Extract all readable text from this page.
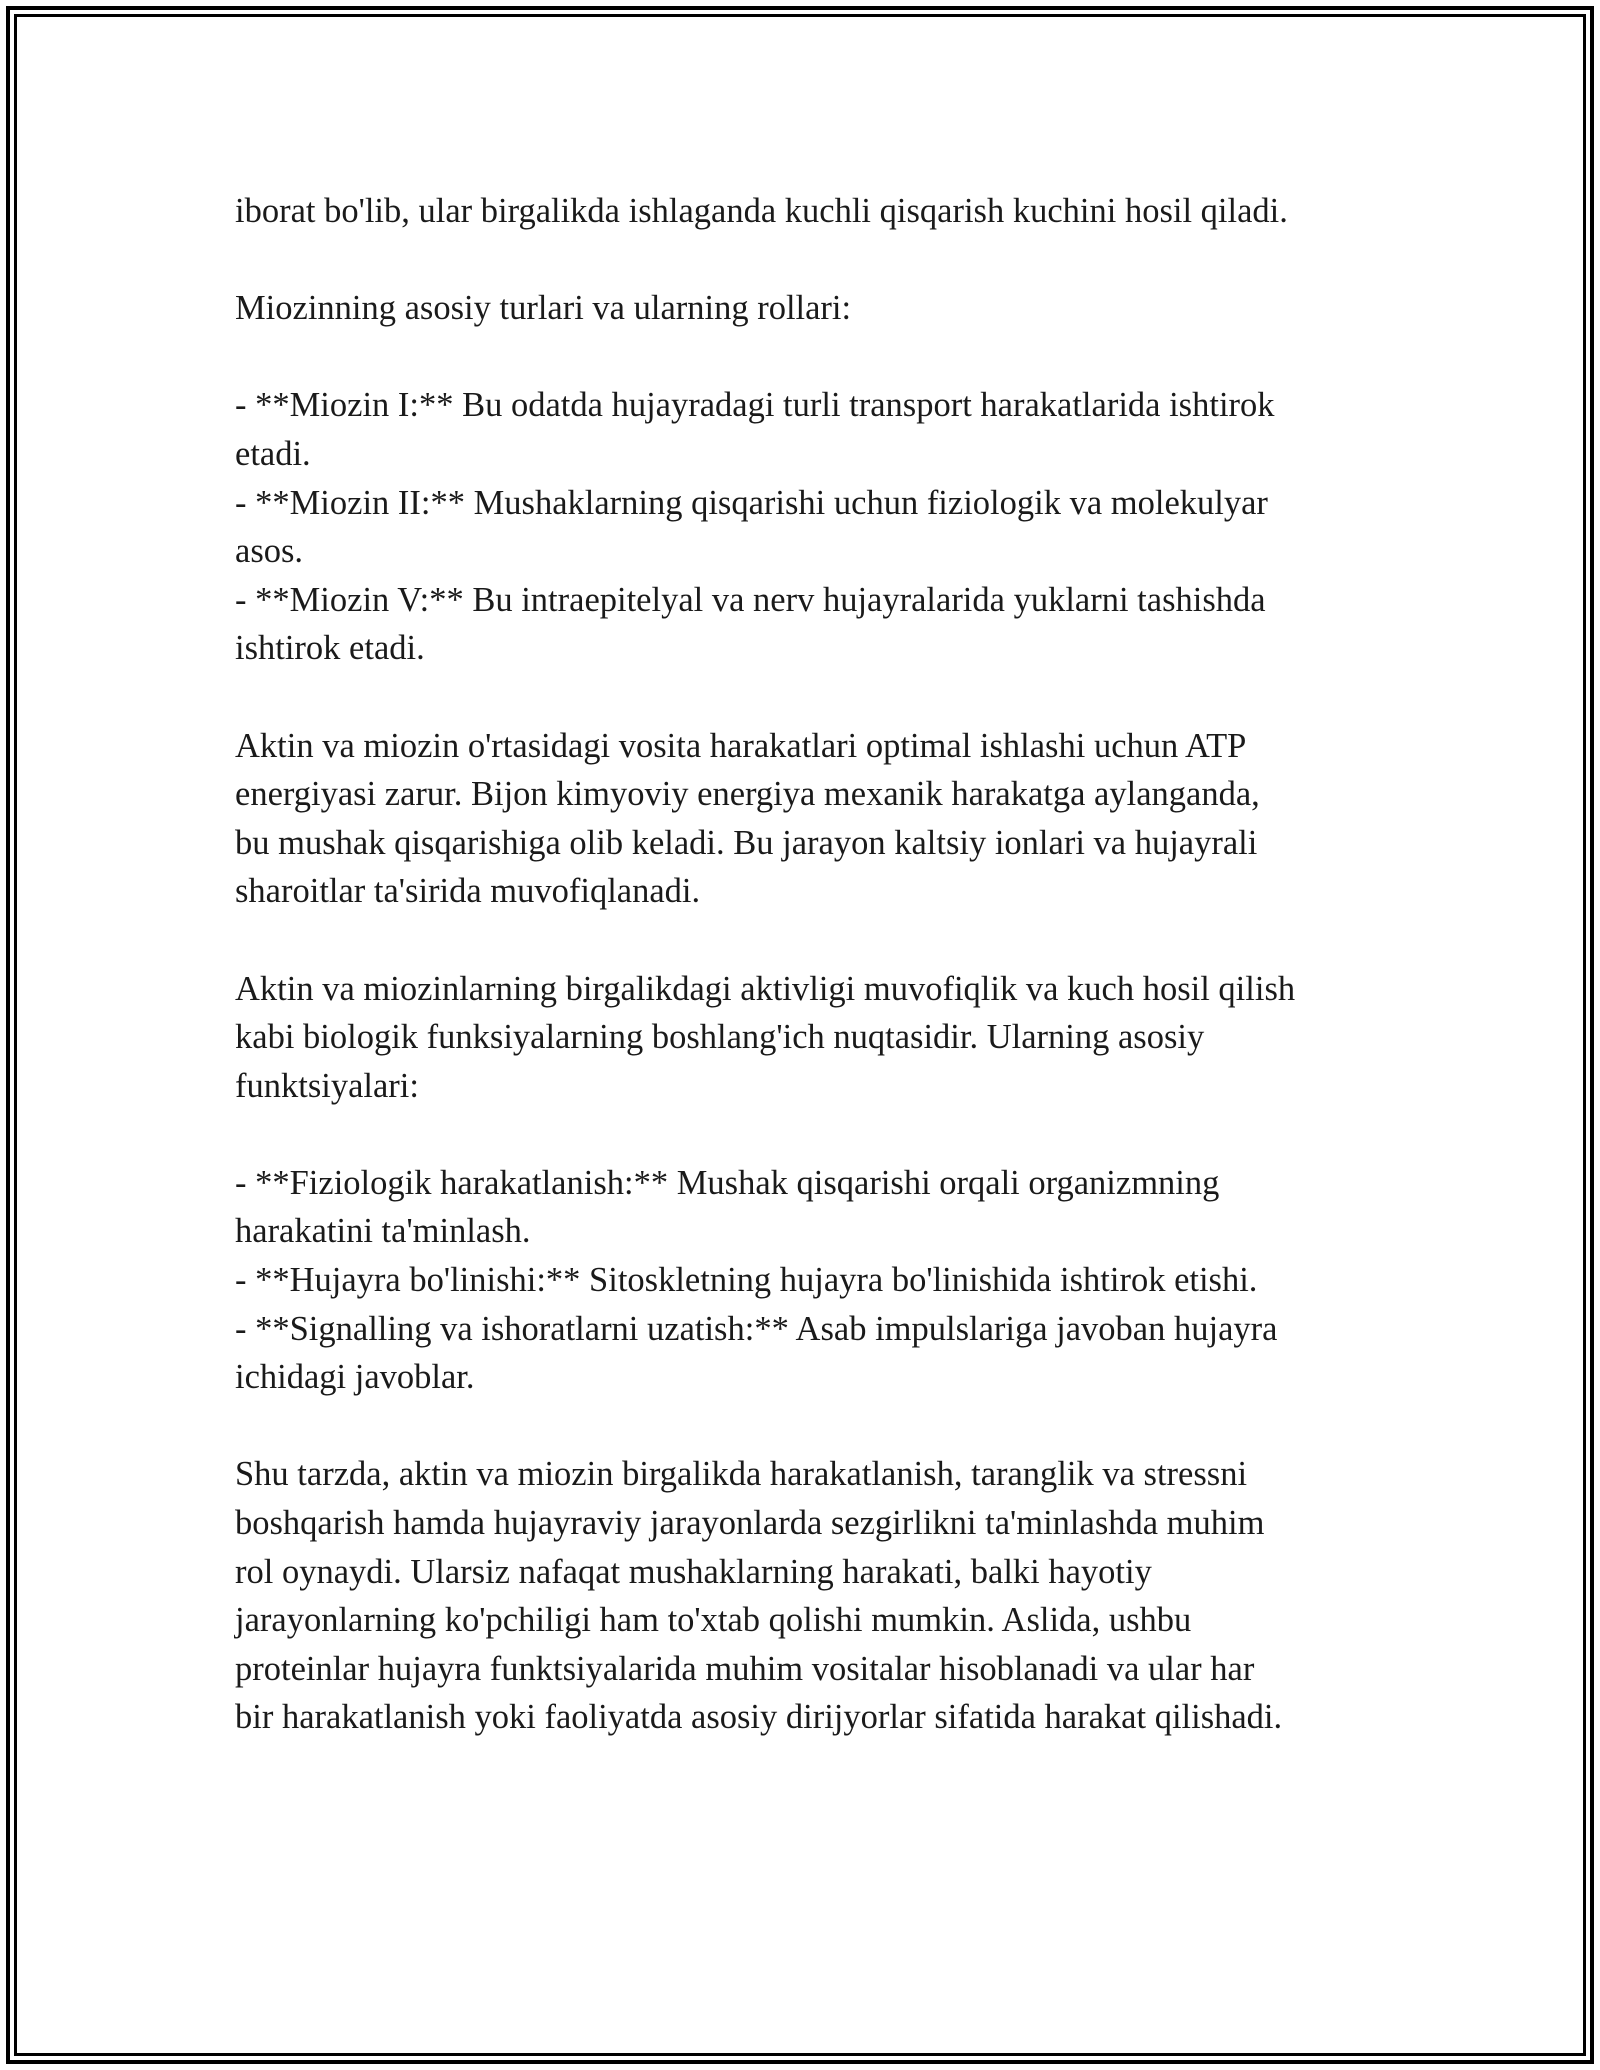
iborat bo'lib, ular birgalikda ishlaganda kuchli qisqarish kuchini hosil qiladi.

Miozinning asosiy turlari va ularning rollari:

- **Miozin I:** Bu odatda hujayradagi turli transport harakatlarida ishtirok
etadi.
- **Miozin II:** Mushaklarning qisqarishi uchun fiziologik va molekulyar
asos.
- **Miozin V:** Bu intraepitelyal va nerv hujayralarida yuklarni tashishda
ishtirok etadi.

Aktin va miozin o'rtasidagi vosita harakatlari optimal ishlashi uchun ATP
energiyasi zarur. Bijon kimyoviy energiya mexanik harakatga aylanganda,
bu mushak qisqarishiga olib keladi. Bu jarayon kaltsiy ionlari va hujayrali
sharoitlar ta'sirida muvofiqlanadi.

Aktin va miozinlarning birgalikdagi aktivligi muvofiqlik va kuch hosil qilish
kabi biologik funksiyalarning boshlang'ich nuqtasidir. Ularning asosiy
funktsiyalari:

- **Fiziologik harakatlanish:** Mushak qisqarishi orqali organizmning
harakatini ta'minlash.
- **Hujayra bo'linishi:** Sitoskletning hujayra bo'linishida ishtirok etishi.
- **Signalling va ishoratlarni uzatish:** Asab impulslariga javoban hujayra
ichidagi javoblar.

Shu tarzda, aktin va miozin birgalikda harakatlanish, taranglik va stressni
boshqarish hamda hujayraviy jarayonlarda sezgirlikni ta'minlashda muhim
rol oynaydi. Ularsiz nafaqat mushaklarning harakati, balki hayotiy
jarayonlarning ko'pchiligi ham to'xtab qolishi mumkin. Aslida, ushbu
proteinlar hujayra funktsiyalarida muhim vositalar hisoblanadi va ular har
bir harakatlanish yoki faoliyatda asosiy dirijyorlar sifatida harakat qilishadi.
